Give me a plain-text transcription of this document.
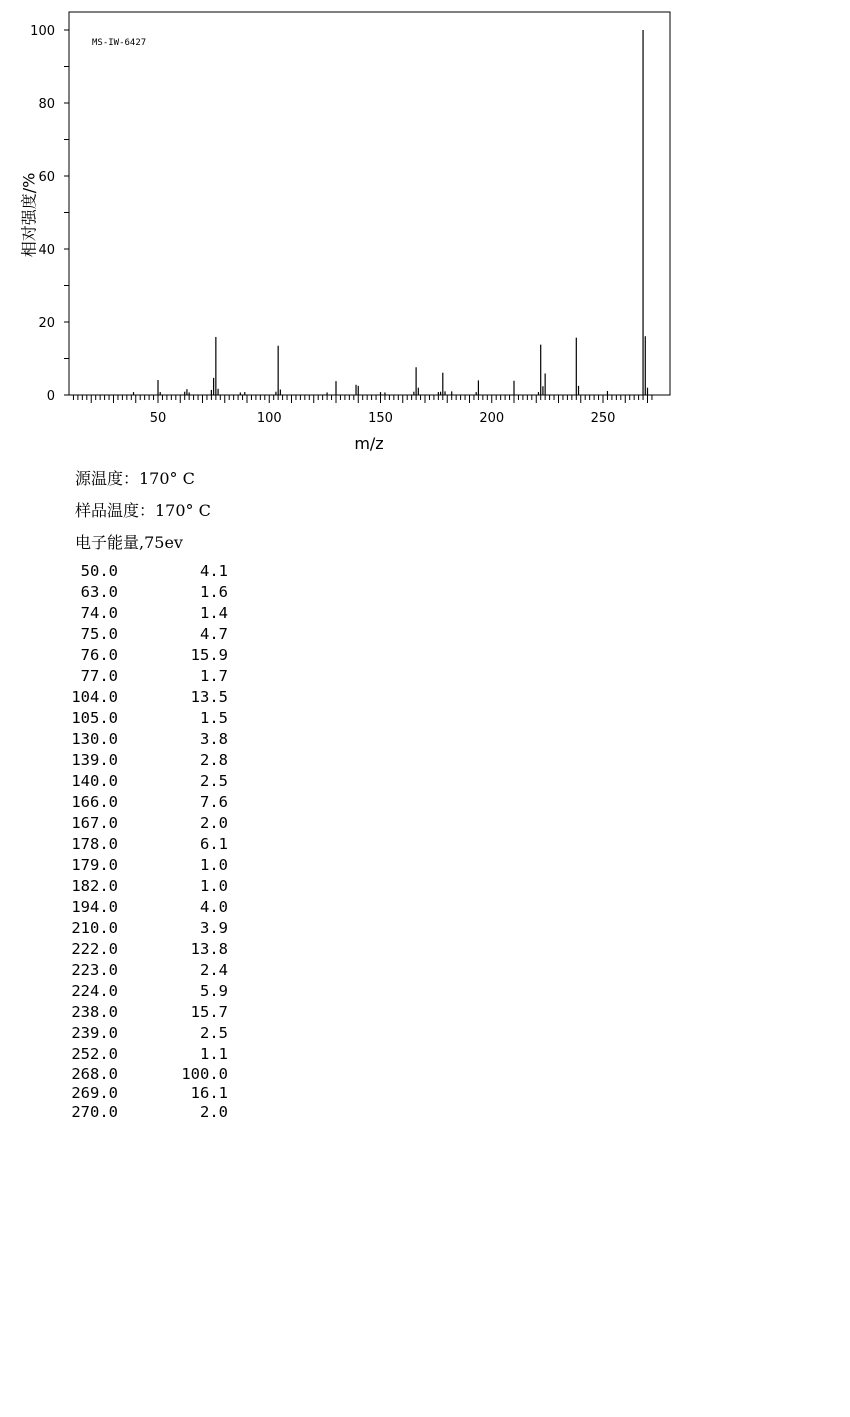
MS-IW-6427
0
20
40
60
80
100
50	100	150	200	250
相对强度/%
m/z
源温度：170° C
样品温度：170° C
电子能量,75ev
50.0	4.1
63.0	1.6
74.0	1.4
75.0	4.7
76.0	15.9
77.0	1.7
104.0	13.5
105.0	1.5
130.0	3.8
139.0	2.8
140.0	2.5
166.0	7.6
167.0	2.0
178.0	6.1
179.0	1.0
182.0	1.0
194.0	4.0
210.0	3.9
222.0	13.8
223.0	2.4
224.0	5.9
238.0	15.7
239.0	2.5
252.0	1.1
268.0	100.0
269.0	16.1
270.0	2.0
